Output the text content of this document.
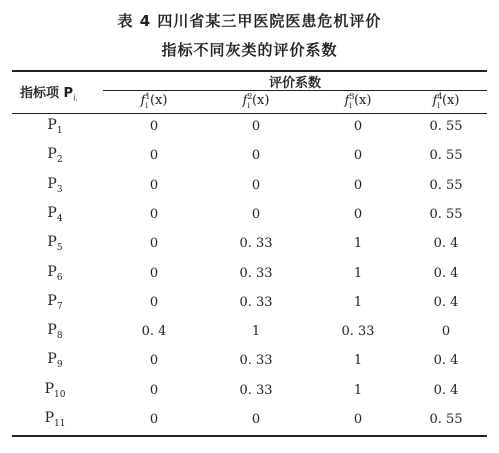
表 4 四川省某三甲医院医患危机评价
指标不同灰类的评价系数
指标项 $P_{i.}$
评价系数
$f^1_i$ (x)	$f^2_i$ (x)	$f^3_i$ (x)	$f^4_i$ (x)
$P_1$	0	0	0	0. 55
$P_2$	0	0	0	0. 55
$P_3$	0	0	0	0. 55
$P_4$	0	0	0	0. 55
$P_5$	0	0. 33	1	0. 4
$P_6$	0	0. 33	1	0. 4
$P_7$	0	0. 33	1	0. 4
$P_8$	0. 4	1	0. 33	0
$P_9$	0	0. 33	1	0. 4
$P_{10}$	0	0. 33	1	0. 4
$P_{11}$	0	0	0	0. 55
